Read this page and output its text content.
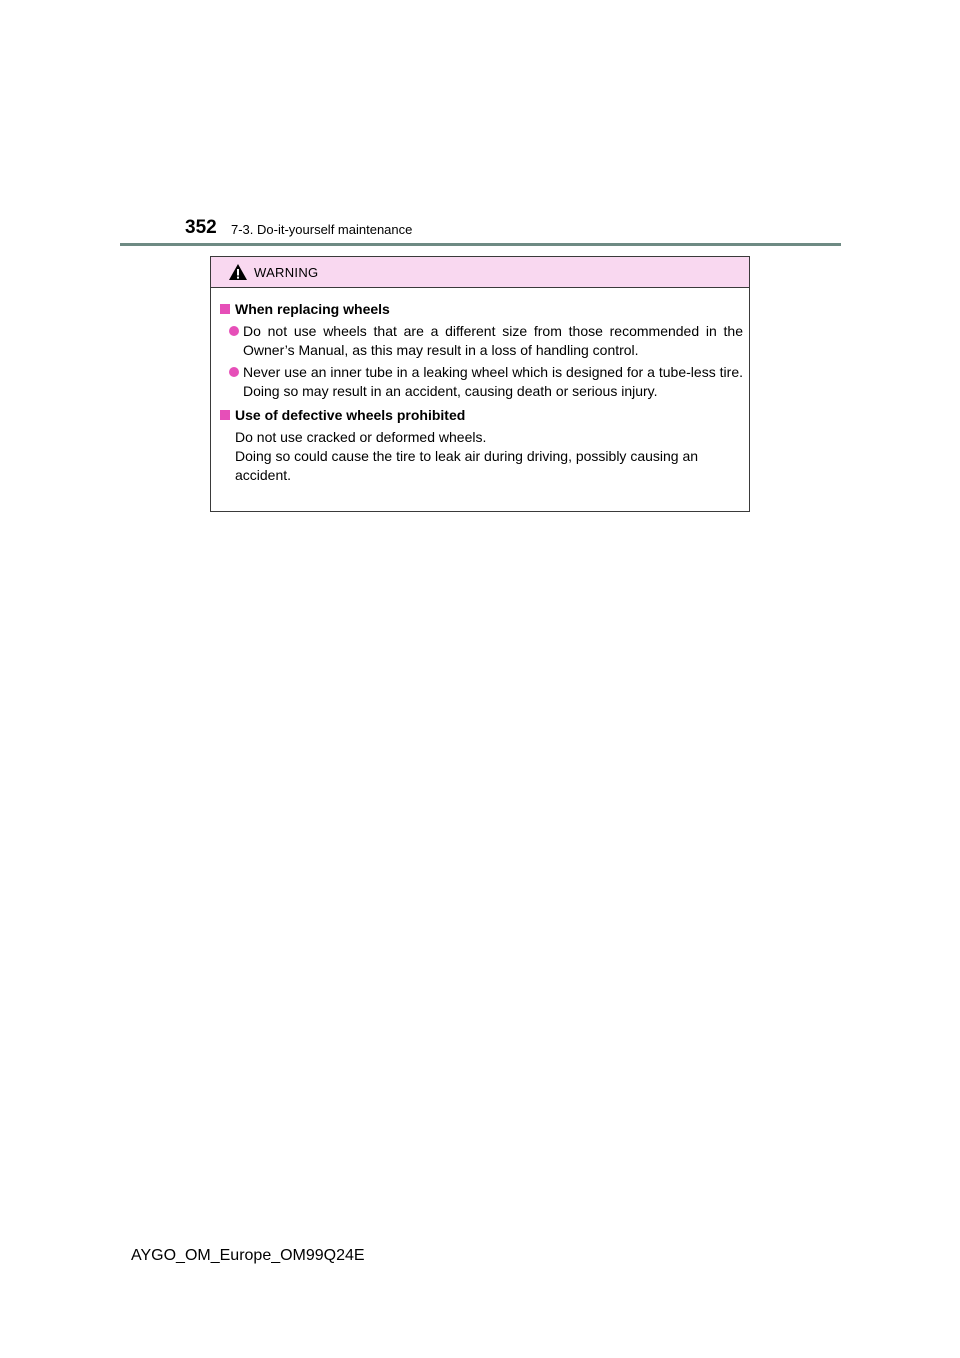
352 7-3. Do-it-yourself maintenance
WARNING
When replacing wheels
Do not use wheels that are a different size from those recommended in the Owner’s Manual, as this may result in a loss of handling control.
Never use an inner tube in a leaking wheel which is designed for a tube-less tire. Doing so may result in an accident, causing death or serious injury.
Use of defective wheels prohibited
Do not use cracked or deformed wheels.
Doing so could cause the tire to leak air during driving, possibly causing an accident.
AYGO_OM_Europe_OM99Q24E
